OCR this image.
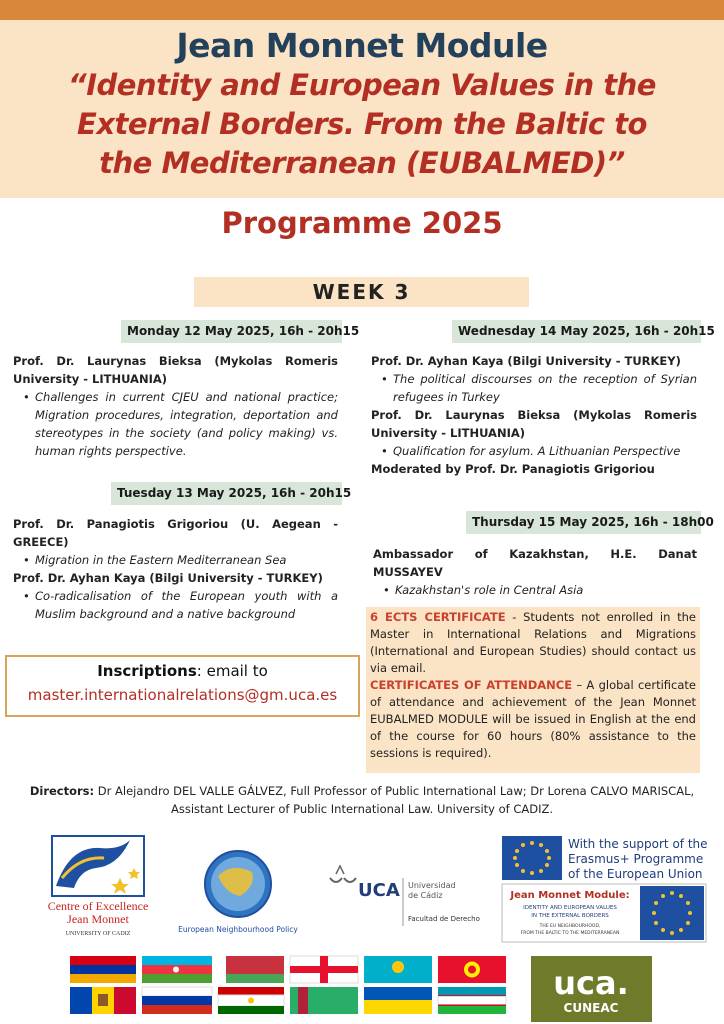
Jean Monnet Module
“Identity and European Values in the
External Borders. From the Baltic to
the Mediterranean (EUBALMED)”
Programme 2025
WEEK 3
Monday 12 May 2025, 16h - 20h15
Prof. Dr. Laurynas Bieksa (Mykolas Romeris University - LITHUANIA)
• Challenges in current CJEU and national practice; Migration procedures, integration, deportation and stereotypes in the society (and policy making) vs. human rights perspective.
Tuesday 13 May 2025, 16h - 20h15
Prof. Dr. Panagiotis Grigoriou (U. Aegean - GREECE)
• Migration in the Eastern Mediterranean Sea
Prof. Dr. Ayhan Kaya (Bilgi University - TURKEY)
• Co-radicalisation of the European youth with a Muslim background and a native background
Wednesday 14 May 2025, 16h - 20h15
Prof. Dr. Ayhan Kaya (Bilgi University - TURKEY)
• The political discourses on the reception of Syrian refugees in Turkey
Prof. Dr. Laurynas Bieksa (Mykolas Romeris University - LITHUANIA)
• Qualification for asylum. A Lithuanian Perspective
Moderated by Prof. Dr. Panagiotis Grigoriou
Thursday 15 May 2025, 16h - 18h00
Ambassador of Kazakhstan, H.E. Danat MUSSAYEV
• Kazakhstan's role in Central Asia
Inscriptions: email to
master.internationalrelations@gm.uca.es
6 ECTS CERTIFICATE - Students not enrolled in the Master in International Relations and Migrations (International and European Studies) should contact us via email.
CERTIFICATES OF ATTENDANCE – A global certificate of attendance and achievement of the Jean Monnet EUBALMED MODULE will be issued in English at the end of the course for 60 hours (80% assistance to the sessions is required).
Directors: Dr Alejandro DEL VALLE GÁLVEZ, Full Professor of Public International Law; Dr Lorena CALVO MARISCAL, Assistant Lecturer of Public International Law. University of CADIZ.
Centre of Excellence
Jean Monnet
UNIVERSITY OF CADIZ	European Neighbourhood Policy
UCA Universidad
de Cádiz
Facultad de Derecho
With the support of the
Erasmus+ Programme
of the European Union
Jean Monnet Module:
IDENTITY AND EUROPEAN VALUES
IN THE EXTERNAL BORDERS
THE EU NEIGHBOURHOOD,
FROM THE BALTIC TO THE MEDITERRANEAN
uca.
CUNEAC
